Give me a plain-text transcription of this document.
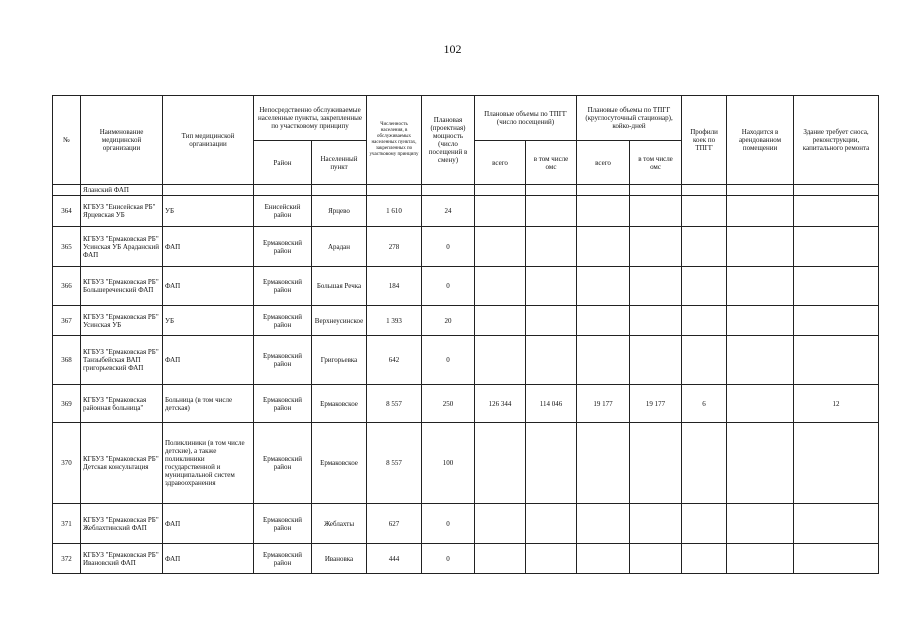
102
№	Наименование медицинской организации	Тип медицинской организации	Непосредственно обслуживаемые населенные пункты, закрепленные по участковому принципу		Численность населения, в обслуживаемых населенных пунктах, закрепленных по участковому принципу	Плановая (проектная) мощность (число посещений в смену)	Плановые объемы по ТПГГ (число посещений)		Плановые объемы по ТПГГ (круглосуточный стационар), койко-дней		Профили коек по ТПГГ	Находится в арендованном помещении	Здание требует сноса, реконструкции, капитального ремонта
			Район	Населенный пункт			всего	в том числе омс	всего	в том числе омс			
	Яланский ФАП												
364	КГБУЗ "Енисейская РБ" Ярцевская УБ	УБ	Енисейский район	Ярцево	1 610	24							
365	КГБУЗ "Ермаковская РБ" Усинская УБ Араданский ФАП	ФАП	Ермаковский район	Арадан	278	0							
366	КГБУЗ "Ермаковская РБ" Большереченский ФАП	ФАП	Ермаковский район	Большая Речка	184	0							
367	КГБУЗ "Ермаковская РБ" Усинская УБ	УБ	Ермаковский район	Верхнеусинское	1 393	20							
368	КГБУЗ "Ермаковская РБ" Танзыбейская ВАП григорьевский ФАП	ФАП	Ермаковский район	Григорьевка	642	0							
369	КГБУЗ "Ермаковская районная больница"	Больница (в том числе детская)	Ермаковский район	Ермаковское	8 557	250	126 344	114 046	19 177	19 177	6		12
370	КГБУЗ "Ермаковская РБ" Детская консультация	Поликлиники (в том числе детские), а также поликлиники государственной и муниципальной систем здравоохранения	Ермаковский район	Ермаковское	8 557	100							
371	КГБУЗ "Ермаковская РБ" Жеблахтинский ФАП	ФАП	Ермаковский район	Жеблахты	627	0							
372	КГБУЗ "Ермаковская РБ" Ивановский ФАП	ФАП	Ермаковский район	Ивановка	444	0							
